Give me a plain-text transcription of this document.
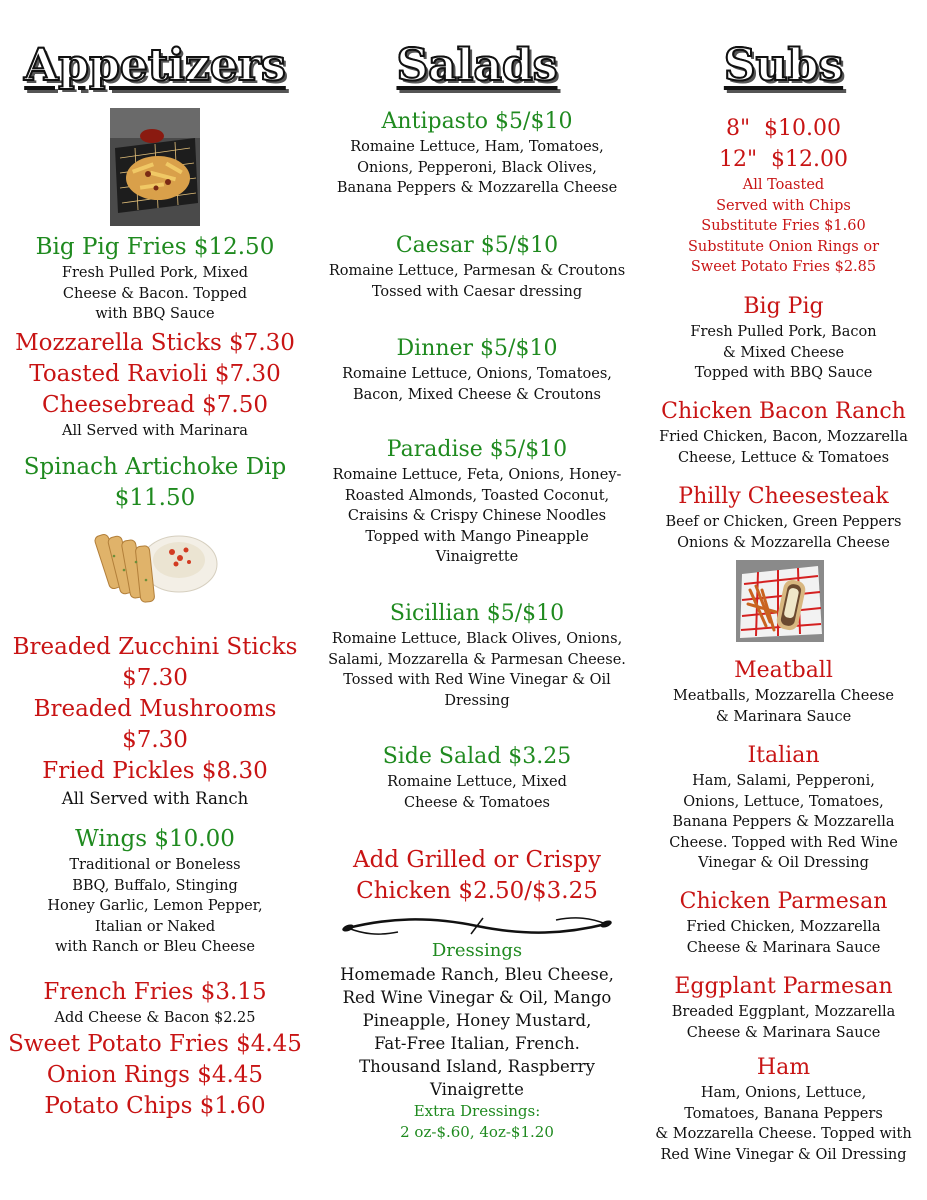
Appetizers
Big Pig Fries $12.50
Fresh Pulled Pork, Mixed
Cheese & Bacon. Topped
with BBQ Sauce
Mozzarella Sticks $7.30
Toasted Ravioli $7.30
Cheesebread $7.50
All Served with Marinara
Spinach Artichoke Dip
$11.50
Breaded Zucchini Sticks
$7.30
Breaded Mushrooms
$7.30
Fried Pickles $8.30
All Served with Ranch
Wings $10.00
Traditional or Boneless
BBQ, Buffalo, Stinging
Honey Garlic, Lemon Pepper,
Italian or Naked
with Ranch or Bleu Cheese
French Fries $3.15
Add Cheese & Bacon $2.25
Sweet Potato Fries $4.45
Onion Rings $4.45
Potato Chips $1.60
Salads
Antipasto $5/$10
Romaine Lettuce, Ham, Tomatoes,
Onions, Pepperoni, Black Olives,
Banana Peppers & Mozzarella Cheese
Caesar $5/$10
Romaine Lettuce, Parmesan & Croutons
Tossed with Caesar dressing
Dinner $5/$10
Romaine Lettuce, Onions, Tomatoes,
Bacon, Mixed Cheese & Croutons
Paradise $5/$10
Romaine Lettuce, Feta, Onions, Honey-
Roasted Almonds, Toasted Coconut,
Craisins & Crispy Chinese Noodles
Topped with Mango Pineapple
Vinaigrette
Sicillian $5/$10
Romaine Lettuce, Black Olives, Onions,
Salami, Mozzarella & Parmesan Cheese.
Tossed with Red Wine Vinegar & Oil
Dressing
Side Salad $3.25
Romaine Lettuce, Mixed
Cheese & Tomatoes
Add Grilled or Crispy
Chicken $2.50/$3.25
Dressings
Homemade Ranch, Bleu Cheese,
Red Wine Vinegar & Oil, Mango
Pineapple, Honey Mustard,
Fat-Free Italian, French.
Thousand Island, Raspberry
Vinaigrette
Extra Dressings:
2 oz-$.60, 4oz-$1.20
Subs
8"  $10.00
12"  $12.00
All Toasted
Served with Chips
Substitute Fries $1.60
Substitute Onion Rings or
Sweet Potato Fries $2.85
Big Pig
Fresh Pulled Pork, Bacon
& Mixed Cheese
Topped with BBQ Sauce
Chicken Bacon Ranch
Fried Chicken, Bacon, Mozzarella
Cheese, Lettuce & Tomatoes
Philly Cheesesteak
Beef or Chicken, Green Peppers
Onions & Mozzarella Cheese
Meatball
Meatballs, Mozzarella Cheese
& Marinara Sauce
Italian
Ham, Salami, Pepperoni,
Onions, Lettuce, Tomatoes,
Banana Peppers & Mozzarella
Cheese. Topped with Red Wine
Vinegar & Oil Dressing
Chicken Parmesan
Fried Chicken, Mozzarella
Cheese & Marinara Sauce
Eggplant Parmesan
Breaded Eggplant, Mozzarella
Cheese & Marinara Sauce
Ham
Ham, Onions, Lettuce,
Tomatoes, Banana Peppers
& Mozzarella Cheese. Topped with
Red Wine Vinegar & Oil Dressing
